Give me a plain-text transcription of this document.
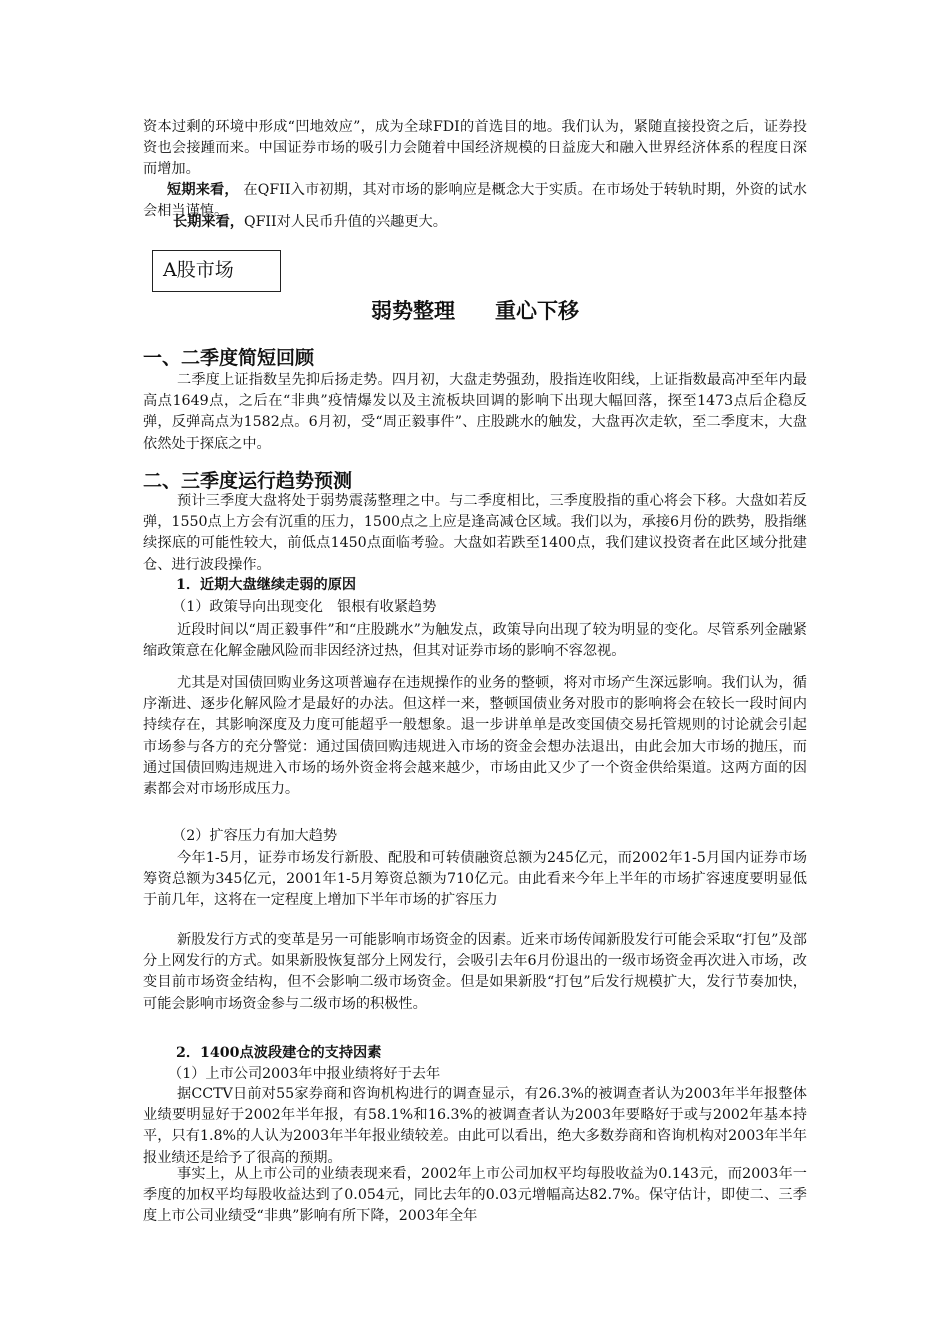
资本过剩的环境中形成“凹地效应”，成为全球FDI的首选目的地。我们认为，紧随直接投资之后，证券投资也会接踵而来。中国证券市场的吸引力会随着中国经济规模的日益庞大和融入世界经济体系的程度日深而增加。

短期来看， 在QFII入市初期，其对市场的影响应是概念大于实质。在市场处于转轨时期，外资的试水会相当谨慎。

长期来看，QFII对人民币升值的兴趣更大。

A股市场
弱势整理 重心下移
一、二季度简短回顾

二季度上证指数呈先抑后扬走势。四月初，大盘走势强劲，股指连收阳线，上证指数最高冲至年内最高点1649点，之后在“非典”疫情爆发以及主流板块回调的影响下出现大幅回落，探至1473点后企稳反弹，反弹高点为1582点。6月初，受“周正毅事件”、庄股跳水的触发，大盘再次走软，至二季度末，大盘依然处于探底之中。

二、三季度运行趋势预测

预计三季度大盘将处于弱势震荡整理之中。与二季度相比，三季度股指的重心将会下移。大盘如若反弹，1550点上方会有沉重的压力，1500点之上应是逢高减仓区域。我们以为，承接6月份的跌势，股指继续探底的可能性较大，前低点1450点面临考验。大盘如若跌至1400点，我们建议投资者在此区域分批建仓、进行波段操作。

1．近期大盘继续走弱的原因

（1）政策导向出现变化　银根有收紧趋势

近段时间以“周正毅事件”和“庄股跳水”为触发点，政策导向出现了较为明显的变化。尽管系列金融紧缩政策意在化解金融风险而非因经济过热，但其对证券市场的影响不容忽视。

尤其是对国债回购业务这项普遍存在违规操作的业务的整顿，将对市场产生深远影响。我们认为，循序渐进、逐步化解风险才是最好的办法。但这样一来，整顿国债业务对股市的影响将会在较长一段时间内持续存在，其影响深度及力度可能超乎一般想象。退一步讲单单是改变国债交易托管规则的讨论就会引起市场参与各方的充分警觉：通过国债回购违规进入市场的资金会想办法退出，由此会加大市场的抛压，而通过国债回购违规进入市场的场外资金将会越来越少，市场由此又少了一个资金供给渠道。这两方面的因素都会对市场形成压力。

（2）扩容压力有加大趋势

今年1-5月，证券市场发行新股、配股和可转债融资总额为245亿元，而2002年1-5月国内证券市场筹资总额为345亿元，2001年1-5月筹资总额为710亿元。由此看来今年上半年的市场扩容速度要明显低于前几年，这将在一定程度上增加下半年市场的扩容压力

新股发行方式的变革是另一可能影响市场资金的因素。近来市场传闻新股发行可能会采取“打包”及部分上网发行的方式。如果新股恢复部分上网发行，会吸引去年6月份退出的一级市场资金再次进入市场，改变目前市场资金结构，但不会影响二级市场资金。但是如果新股“打包”后发行规模扩大，发行节奏加快，可能会影响市场资金参与二级市场的积极性。

2．1400点波段建仓的支持因素

（1）上市公司2003年中报业绩将好于去年

据CCTV日前对55家券商和咨询机构进行的调查显示，有26.3%的被调查者认为2003年半年报整体业绩要明显好于2002年半年报，有58.1%和16.3%的被调查者认为2003年要略好于或与2002年基本持平，只有1.8%的人认为2003年半年报业绩较差。由此可以看出，绝大多数券商和咨询机构对2003年半年报业绩还是给予了很高的预期。

事实上，从上市公司的业绩表现来看，2002年上市公司加权平均每股收益为0.143元，而2003年一季度的加权平均每股收益达到了0.054元，同比去年的0.03元增幅高达82.7%。保守估计，即使二、三季度上市公司业绩受“非典”影响有所下降，2003年全年
